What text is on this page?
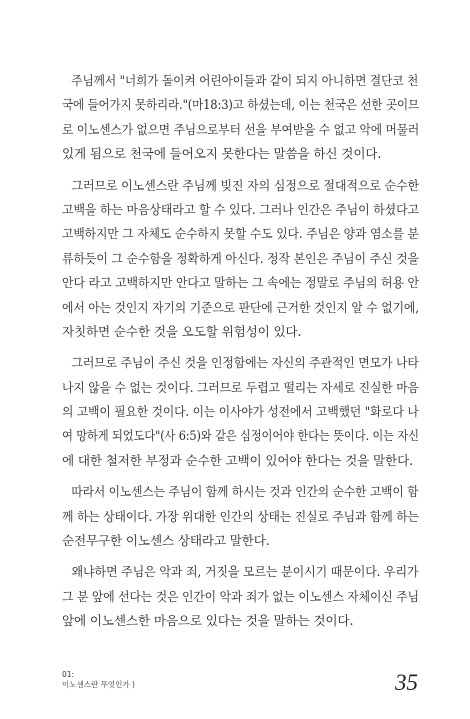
주님께서 "너희가 돌이켜 어린아이들과 같이 되지 아니하면 결단코 천
국에 들어가지 못하리라."(마18:3)고 하셨는데, 이는 천국은 선한 곳이므
로 이노센스가 없으면 주님으로부터 선을 부여받을 수 없고 악에 머물러
있게 됨으로 천국에 들어오지 못한다는 말씀을 하신 것이다.
그러므로 이노센스란 주님께 빚진 자의 심정으로 절대적으로 순수한
고백을 하는 마음상태라고 할 수 있다. 그러나 인간은 주님이 하셨다고
고백하지만 그 자체도 순수하지 못할 수도 있다. 주님은 양과 염소를 분
류하듯이 그 순수함을 정확하게 아신다. 정작 본인은 주님이 주신 것을
안다 라고 고백하지만 안다고 말하는 그 속에는 정말로 주님의 허용 안
에서 아는 것인지 자기의 기준으로 판단에 근거한 것인지 알 수 없기에,
자칫하면 순수한 것을 오도할 위험성이 있다.
그러므로 주님이 주신 것을 인정함에는 자신의 주관적인 면모가 나타
나지 않을 수 없는 것이다. 그러므로 두렵고 떨리는 자세로 진실한 마음
의 고백이 필요한 것이다. 이는 이사야가 성전에서 고백했던 "화로다 나
여 망하게 되었도다"(사 6:5)와 같은 심정이어야 한다는 뜻이다. 이는 자신
에 대한 철저한 부정과 순수한 고백이 있어야 한다는 것을 말한다.
따라서 이노센스는 주님이 함께 하시는 것과 인간의 순수한 고백이 함
께 하는 상태이다. 가장 위대한 인간의 상태는 진실로 주님과 함께 하는
순전무구한 이노센스 상태라고 말한다.
왜냐하면 주님은 악과 죄, 거짓을 모르는 분이시기 때문이다. 우리가
그 분 앞에 선다는 것은 인간이 악과 죄가 없는 이노센스 자체이신 주님
앞에 이노센스한 마음으로 있다는 것을 말하는 것이다.
01:
이노센스란 무엇인가 )	35
